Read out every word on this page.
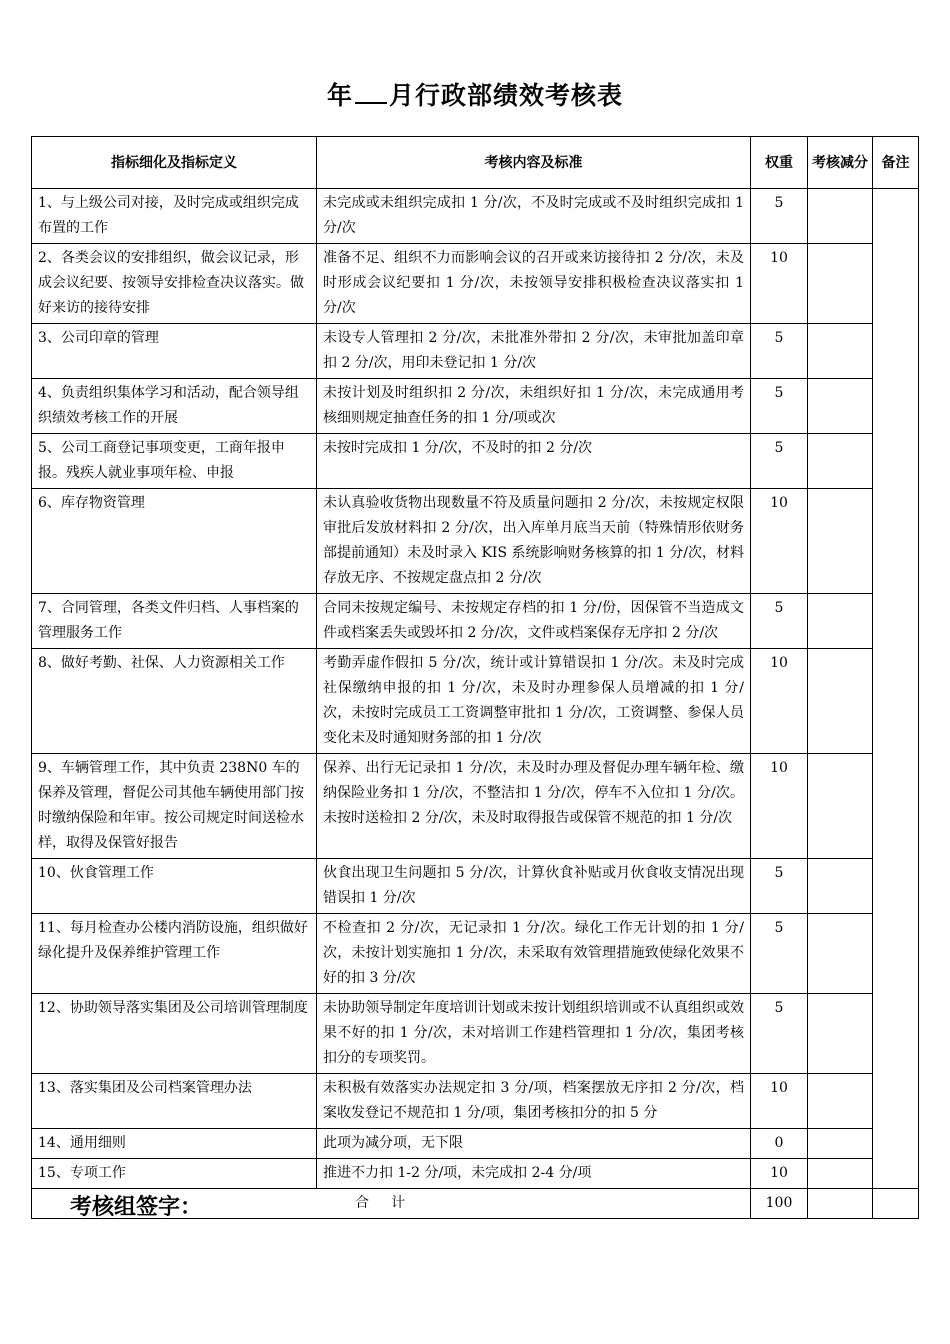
年 月行政部绩效考核表
指标细化及指标定义	考核内容及标准	权重	考核减分	备注
1、与上级公司对接，及时完成或组织完成布置的工作	未完成或未组织完成扣 1 分/次，不及时完成或不及时组织完成扣 1 分/次	5		
2、各类会议的安排组织，做会议记录，形成会议纪要、按领导安排检查决议落实。做好来访的接待安排	准备不足、组织不力而影响会议的召开或来访接待扣 2 分/次，未及时形成会议纪要扣 1 分/次，未按领导安排积极检查决议落实扣 1 分/次	10		
3、公司印章的管理	未设专人管理扣 2 分/次，未批准外带扣 2 分/次，未审批加盖印章扣 2 分/次，用印未登记扣 1 分/次	5		
4、负责组织集体学习和活动，配合领导组织绩效考核工作的开展	未按计划及时组织扣 2 分/次，未组织好扣 1 分/次，未完成通用考核细则规定抽查任务的扣 1 分/项或次	5		
5、公司工商登记事项变更，工商年报申报。残疾人就业事项年检、申报	未按时完成扣 1 分/次，不及时的扣 2 分/次	5		
6、库存物资管理	未认真验收货物出现数量不符及质量问题扣 2 分/次，未按规定权限审批后发放材料扣 2 分/次，出入库单月底当天前（特殊情形依财务部提前通知）未及时录入 KIS 系统影响财务核算的扣 1 分/次，材料存放无序、不按规定盘点扣 2 分/次	10		
7、合同管理，各类文件归档、人事档案的管理服务工作	合同未按规定编号、未按规定存档的扣 1 分/份，因保管不当造成文件或档案丢失或毁坏扣 2 分/次，文件或档案保存无序扣 2 分/次	5		
8、做好考勤、社保、人力资源相关工作	考勤弄虚作假扣 5 分/次，统计或计算错误扣 1 分/次。未及时完成社保缴纳申报的扣 1 分/次，未及时办理参保人员增减的扣 1 分/次，未按时完成员工工资调整审批扣 1 分/次，工资调整、参保人员变化未及时通知财务部的扣 1 分/次	10		
9、车辆管理工作，其中负责 238N0 车的保养及管理，督促公司其他车辆使用部门按时缴纳保险和年审。按公司规定时间送检水样，取得及保管好报告	保养、出行无记录扣 1 分/次，未及时办理及督促办理车辆年检、缴纳保险业务扣 1 分/次，不整洁扣 1 分/次，停车不入位扣 1 分/次。未按时送检扣 2 分/次，未及时取得报告或保管不规范的扣 1 分/次	10		
10、伙食管理工作	伙食出现卫生问题扣 5 分/次，计算伙食补贴或月伙食收支情况出现错误扣 1 分/次	5		
11、每月检查办公楼内消防设施，组织做好绿化提升及保养维护管理工作	不检查扣 2 分/次，无记录扣 1 分/次。绿化工作无计划的扣 1 分/次，未按计划实施扣 1 分/次，未采取有效管理措施致使绿化效果不好的扣 3 分/次	5		
12、协助领导落实集团及公司培训管理制度	未协助领导制定年度培训计划或未按计划组织培训或不认真组织或效果不好的扣 1 分/次，未对培训工作建档管理扣 1 分/次，集团考核扣分的专项奖罚。	5		
13、落实集团及公司档案管理办法	未积极有效落实办法规定扣 3 分/项，档案摆放无序扣 2 分/次，档案收发登记不规范扣 1 分/项，集团考核扣分的扣 5 分	10		
14、通用细则	此项为减分项，无下限	0		
15、专项工作	推进不力扣 1-2 分/项，未完成扣 2-4 分/项	10		
合计		100		
考核组签字：
